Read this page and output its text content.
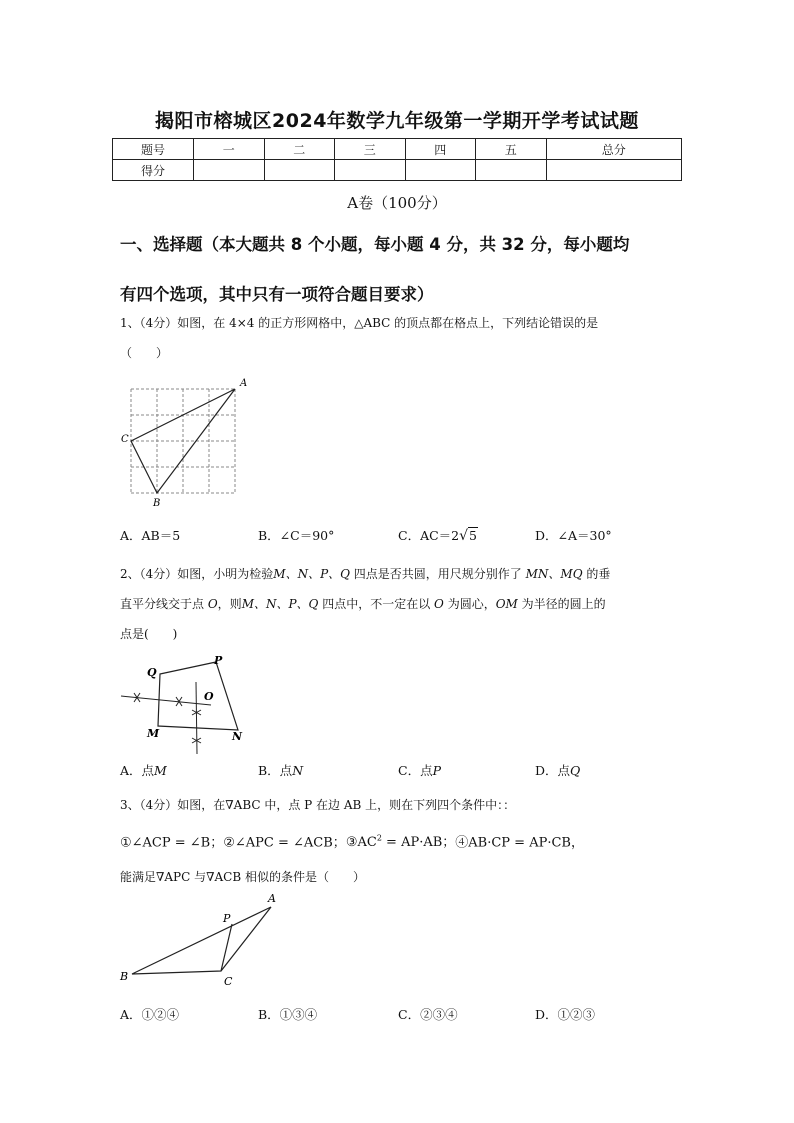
揭阳市榕城区2024年数学九年级第一学期开学考试试题
题号	一	二	三	四	五	总分
得分						
A卷（100分）
一、选择题（本大题共 8 个小题，每小题 4 分，共 32 分，每小题均
有四个选项，其中只有一项符合题目要求）
1、（4分）如图，在 4×4 的正方形网格中，△ABC 的顶点都在格点上，下列结论错误的是
（　　）
A
C
B
A．AB＝5	B．∠C＝90°	C．AC＝2√5	D．∠A＝30°
2、（4分）如图，小明为检验M、N、P、Q 四点是否共圆，用尺规分别作了 MN、MQ 的垂
直平分线交于点 O，则M、N、P、Q 四点中，不一定在以 O 为圆心，OM 为半径的圆上的
点是(　　)
Q
P
O
M	N
A．点M	B．点N	C．点P	D．点Q
3、（4分）如图，在∇ABC 中，点 P 在边 AB 上，则在下列四个条件中：：
①∠ACP = ∠B；②∠APC = ∠ACB；$③AC^2 = AP\cdot AB$；④AB·CP = AP·CB，
能满足∇APC 与∇ACB 相似的条件是（　　）
A
P
B	C
A．①②④	B．①③④	C．②③④	D．①②③
